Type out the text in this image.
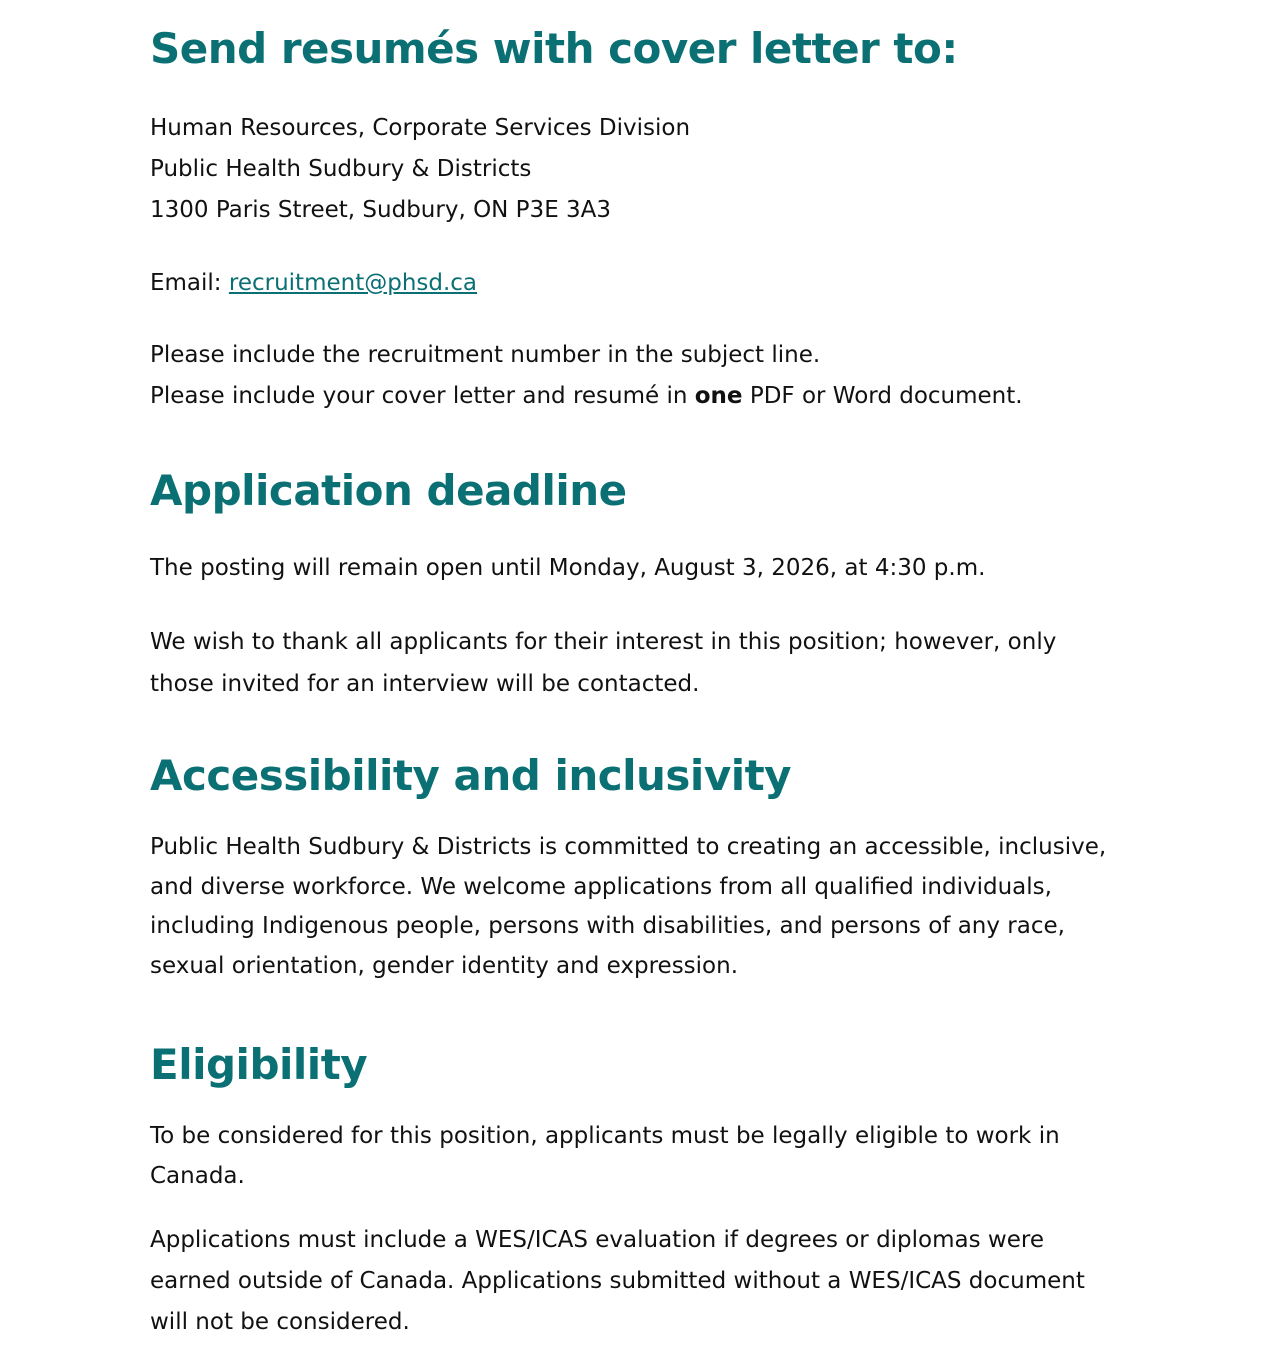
Send resumés with cover letter to:
Human Resources, Corporate Services Division
Public Health Sudbury & Districts
1300 Paris Street, Sudbury, ON P3E 3A3

Email: recruitment@phsd.ca

Please include the recruitment number in the subject line.
Please include your cover letter and resumé in one PDF or Word document.
Application deadline

The posting will remain open until Monday, August 3, 2026, at 4:30 p.m.

We wish to thank all applicants for their interest in this position; however, only those invited for an interview will be contacted.

Accessibility and inclusivity

Public Health Sudbury & Districts is committed to creating an accessible, inclusive, and diverse workforce. We welcome applications from all qualified individuals, including Indigenous people, persons with disabilities, and persons of any race, sexual orientation, gender identity and expression.

Eligibility

To be considered for this position, applicants must be legally eligible to work in Canada.

Applications must include a WES/ICAS evaluation if degrees or diplomas were earned outside of Canada. Applications submitted without a WES/ICAS document will not be considered.
